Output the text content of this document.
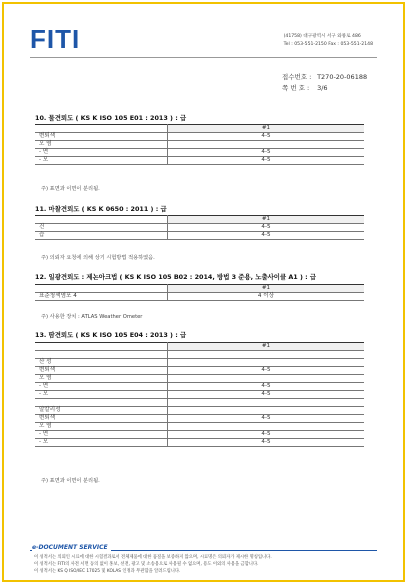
FITI	(41758) 대구광역시 서구 와룡로 486
Tel : 053-551-2150 Fax : 053-551-2148
접수번호 : T270-20-06188
쪽 번 호 : 3/6
10. 물견뢰도 ( KS K ISO 105 E01 : 2013 ) : 급
	#1
변퇴색	4-5
오 염	
- 면	4-5
- 모	4-5
주) 표면과 이면이 분리됨.
11. 마찰견뢰도 ( KS K 0650 : 2011 ) : 급
	#1
건	4-5
습	4-5
주) 의뢰자 요청에 의해 상기 시험방법 적용하였음.
12. 일광견뢰도 : 제논아크법 ( KS K ISO 105 B02 : 2014, 방법 3 준용, 노출사이클 A1 ) : 급
	#1
표준청색염포 4	4 이상
주) 사용한 장치 : ATLAS Weather Ometer
13. 땀견뢰도 ( KS K ISO 105 E04 : 2013 ) : 급
	#1

산 성	
변퇴색	4-5
오 염	
- 면	4-5
- 모	4-5

알칼리성	
변퇴색	4-5
오 염	
- 면	4-5
- 모	4-5
주) 표면과 이면이 분리됨.
e-DOCUMENT SERVICE
이 성적서는 의뢰인 시료에 대한 시험결과로서 전체제품에 대한 품질을 보증하지 않으며, 시료명은 의뢰자가 제시한 명칭입니다.
이 성적서는 FITI의 사전 서면 동의 없이 홍보, 선전, 광고 및 소송용으로 사용될 수 없으며, 용도 이외의 사용을 금합니다.
이 성적서는 KS Q ISO/IEC 17025 및 KOLAS 인정과 무관함을 알려드립니다.
